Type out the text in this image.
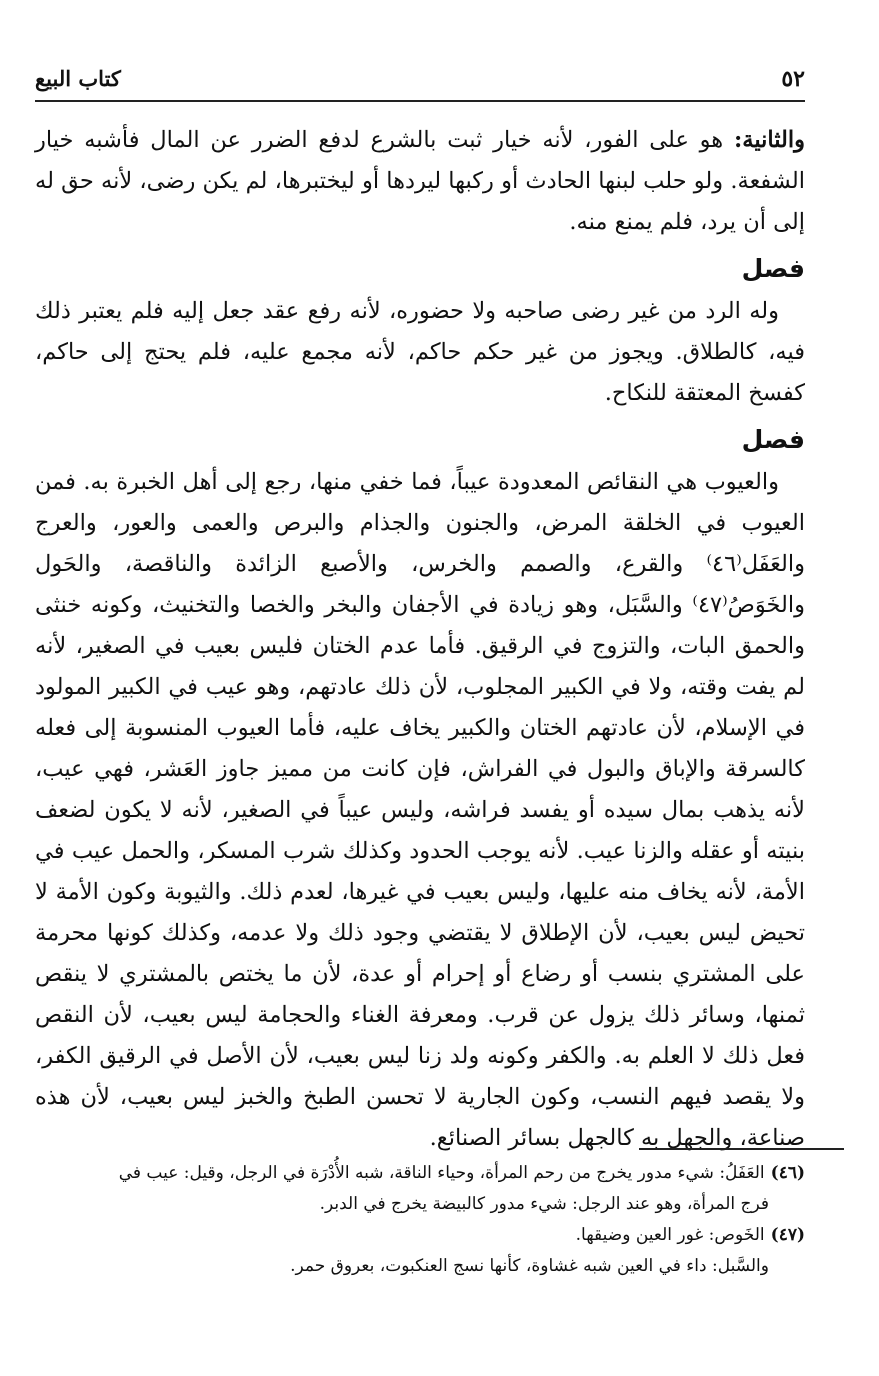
٥٢
كتاب البيع

والثانية: هو على الفور، لأنه خيار ثبت بالشرع لدفع الضرر عن المال فأشبه خيار الشفعة. ولو حلب لبنها الحادث أو ركبها ليردها أو ليختبرها، لم يكن رضى، لأنه حق له إلى أن يرد، فلم يمنع منه.

فصل

وله الرد من غير رضى صاحبه ولا حضوره، لأنه رفع عقد جعل إليه فلم يعتبر ذلك فيه، كالطلاق. ويجوز من غير حكم حاكم، لأنه مجمع عليه، فلم يحتج إلى حاكم، كفسخ المعتقة للنكاح.

فصل

والعيوب هي النقائص المعدودة عيباً، فما خفي منها، رجع إلى أهل الخبرة به. فمن العيوب في الخلقة المرض، والجنون والجذام والبرص والعمى والعور، والعرج والعَفَل⁽٤٦⁾ والقرع، والصمم والخرس، والأصبع الزائدة والناقصة، والحَول والخَوَصُ⁽٤٧⁾ والسَّبَل، وهو زيادة في الأجفان والبخر والخصا والتخنيث، وكونه خنثى والحمق البات، والتزوج في الرقيق. فأما عدم الختان فليس بعيب في الصغير، لأنه لم يفت وقته، ولا في الكبير المجلوب، لأن ذلك عادتهم، وهو عيب في الكبير المولود في الإسلام، لأن عادتهم الختان والكبير يخاف عليه، فأما العيوب المنسوبة إلى فعله كالسرقة والإباق والبول في الفراش، فإن كانت من مميز جاوز العَشر، فهي عيب، لأنه يذهب بمال سيده أو يفسد فراشه، وليس عيباً في الصغير، لأنه لا يكون لضعف بنيته أو عقله والزنا عيب. لأنه يوجب الحدود وكذلك شرب المسكر، والحمل عيب في الأمة، لأنه يخاف منه عليها، وليس بعيب في غيرها، لعدم ذلك. والثيوبة وكون الأمة لا تحيض ليس بعيب، لأن الإطلاق لا يقتضي وجود ذلك ولا عدمه، وكذلك كونها محرمة على المشتري بنسب أو رضاع أو إحرام أو عدة، لأن ما يختص بالمشتري لا ينقص ثمنها، وسائر ذلك يزول عن قرب. ومعرفة الغناء والحجامة ليس بعيب، لأن النقص فعل ذلك لا العلم به. والكفر وكونه ولد زنا ليس بعيب، لأن الأصل في الرقيق الكفر، ولا يقصد فيهم النسب، وكون الجارية لا تحسن الطبخ والخبز ليس بعيب، لأن هذه صناعة، والجهل به كالجهل بسائر الصنائع.

(٤٦)العَفَلُ: شيء مدور يخرج من رحم المرأة، وحياء الناقة، شبه الأُدْرَة في الرجل، وقيل: عيب في

فرج المرأة، وهو عند الرجل: شيء مدور كالبيضة يخرج في الدبر.

(٤٧)الخَوص: غور العين وضيقها.

والسَّبل: داء في العين شبه غشاوة، كأنها نسج العنكبوت، بعروق حمر.
